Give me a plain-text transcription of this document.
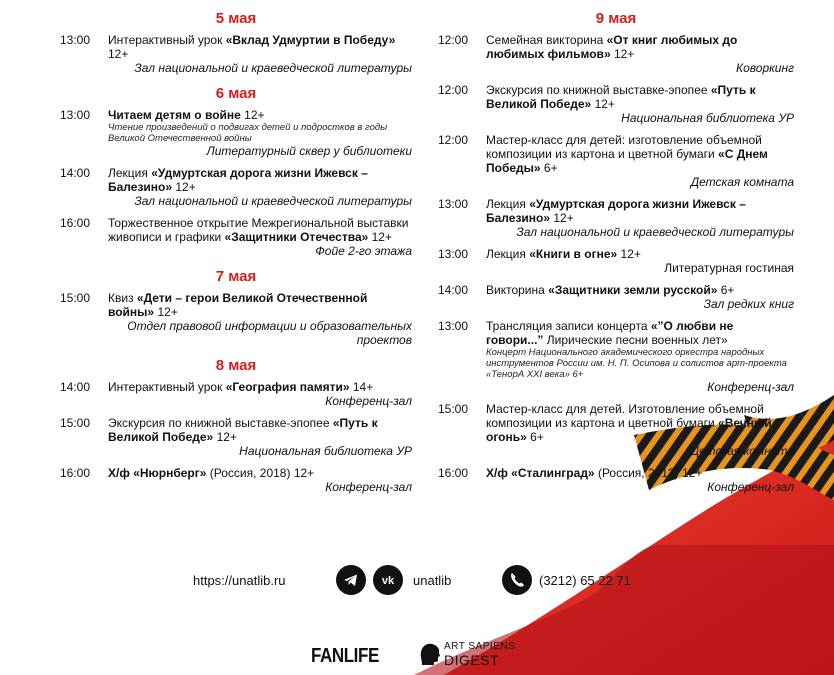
5 мая
13:00	Интерактивный урок «Вклад Удмуртии в Победу» 12+
Зал национальной и краеведческой литературы
6 мая
13:00	Читаем детям о войне 12+
Чтение произведений о подвигах детей и подростков в годы Великой Отечественной войны
Литературный сквер у библиотеки
14:00	Лекция «Удмуртская дорога жизни Ижевск – Балезино» 12+
Зал национальной и краеведческой литературы
16:00	Торжественное открытие Межрегиональной выставки живописи и графики «Защитники Отечества» 12+
Фойе 2-го этажа
7 мая
15:00	Квиз «Дети – герои Великой Отечественной войны» 12+
Отдел правовой информации и образовательных проектов
8 мая
14:00	Интерактивный урок «География памяти» 14+
Конференц-зал
15:00	Экскурсия по книжной выставке-эпопее «Путь к Великой Победе» 12+
Национальная библиотека УР
16:00	Х/ф «Нюрнберг» (Россия, 2018) 12+
Конференц-зал
9 мая
12:00	Семейная викторина «От книг любимых до любимых фильмов» 12+
Коворкинг
12:00	Экскурсия по книжной выставке-эпопее «Путь к Великой Победе» 12+
Национальная библиотека УР
12:00	Мастер-класс для детей: изготовление объемной композиции из картона и цветной бумаги «С Днем Победы» 6+
Детская комната
13:00	Лекция «Удмуртская дорога жизни Ижевск – Балезино» 12+
Зал национальной и краеведческой литературы
13:00	Лекция «Книги в огне» 12+
Литературная гостиная
14:00	Викторина «Защитники земли русской» 6+
Зал редких книг
13:00	Трансляция записи концерта «”О любви не говори...” Лирические песни военных лет»
Концерт Национального академического оркестра народных инструментов России им. Н. П. Осипова и солистов арт-проекта «ТенорА XXI века» 6+
Конференц-зал
15:00	Мастер-класс для детей. Изготовление объемной композиции из картона и цветной бумаги «Вечный огонь» 6+
Детская комната
16:00	Х/ф «Сталинград» (Россия, 2013) 12+
Конференц-зал
https://unatlib.ru	vk unatlib	(3212) 65 22 71
FANLIFE	ART SAPIENS
DIGEST
